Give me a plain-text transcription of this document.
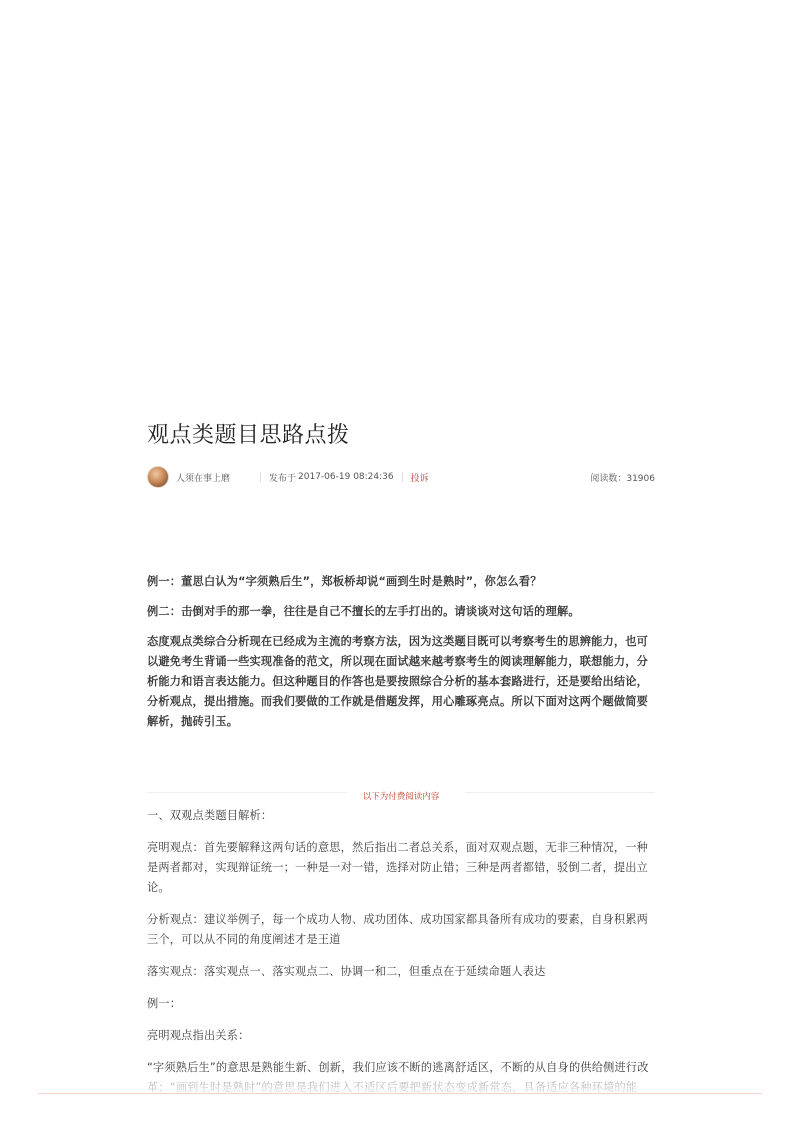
观点类题目思路点拨
人须在事上磨	发布于 2017-06-19 08:24:36 投诉	阅读数：31906

例一：董思白认为“字须熟后生”，郑板桥却说“画到生时是熟时”，你怎么看？

例二：击倒对手的那一拳，往往是自己不擅长的左手打出的。请谈谈对这句话的理解。

态度观点类综合分析现在已经成为主流的考察方法，因为这类题目既可以考察考生的思辨能力，也可以避免考生背诵一些实现准备的范文，所以现在面试越来越考察考生的阅读理解能力，联想能力，分析能力和语言表达能力。但这种题目的作答也是要按照综合分析的基本套路进行，还是要给出结论，分析观点，提出措施。而我们要做的工作就是借题发挥，用心雕琢亮点。所以下面对这两个题做简要解析，抛砖引玉。

以下为付费阅读内容

一、双观点类题目解析：

亮明观点：首先要解释这两句话的意思，然后指出二者总关系，面对双观点题，无非三种情况，一种是两者都对，实现辩证统一；一种是一对一错，选择对防止错；三种是两者都错，驳倒二者，提出立论。

分析观点：建议举例子，每一个成功人物、成功团体、成功国家都具备所有成功的要素，自身积累两三个，可以从不同的角度阐述才是王道

落实观点：落实观点一、落实观点二、协调一和二，但重点在于延续命题人表达

例一：

亮明观点指出关系：

“字须熟后生”的意思是熟能生新、创新，我们应该不断的逃离舒适区，不断的从自身的供给侧进行改
